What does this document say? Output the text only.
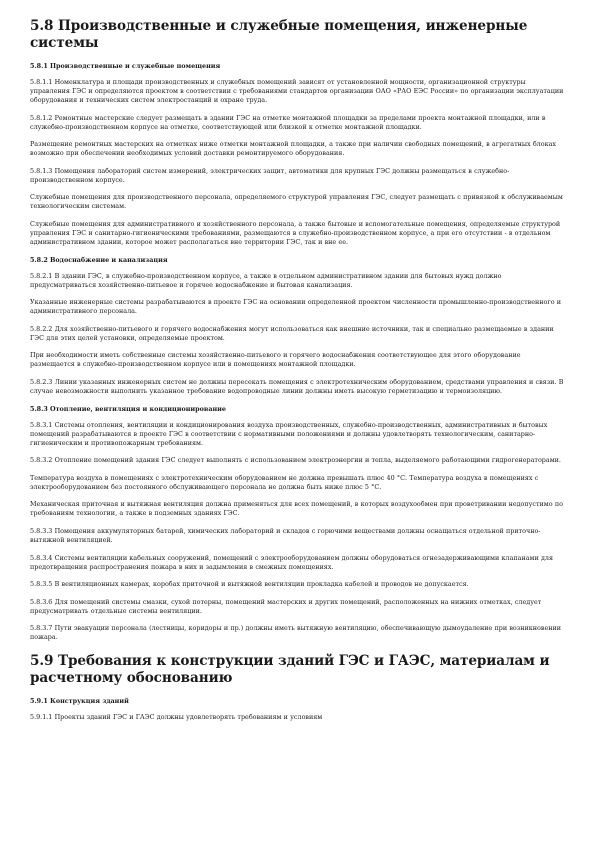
5.8 Производственные и служебные помещения, инженерные системы
5.8.1 Производственные и служебные помещения

5.8.1.1 Номенклатура и площади производственных и служебных помещений зависят от установленной мощности, организационной структуры управления ГЭС и определяются проектом в соответствии с требованиями стандартов организации ОАО «РАО ЕЭС России» по организации эксплуатации оборудования и технических систем электростанций и охране труда.

5.8.1.2 Ремонтные мастерские следует размещать в здании ГЭС на отметке монтажной площадки за пределами проекта монтажной площадки, или в служебно-производственном корпусе на отметке, соответствующей или близкой к отметке монтажной площадки.

Размещение ремонтных мастерских на отметках ниже отметки монтажной площадки, а также при наличии свободных помещений, в агрегатных блоках возможно при обеспечении необходимых условий доставки ремонтируемого оборудования.

5.8.1.3 Помещения лабораторий систем измерений, электрических защит, автоматики для крупных ГЭС должны размещаться в служебно-производственном корпусе.

Служебные помещения для производственного персонала, определяемого структурой управления ГЭС, следует размещать с привязкой к обслуживаемым технологическим системам.

Служебные помещения для административного и хозяйственного персонала, а также бытовые и вспомогательные помещения, определяемые структурой управления ГЭС и санитарно-гигиеническими требованиями, размещаются в служебно-производственном корпусе, а при его отсутствии - в отдельном административном здании, которое может располагаться вне территории ГЭС, так и вне ее.

5.8.2 Водоснабжение и канализация

5.8.2.1 В здании ГЭС, в служебно-производственном корпусе, а также в отдельном административном здании для бытовых нужд должно предусматриваться хозяйственно-питьевое и горячее водоснабжение и бытовая канализация.

Указанные инженерные системы разрабатываются в проекте ГЭС на основании определенной проектом численности промышленно-производственного и административного персонала.

5.8.2.2 Для хозяйственно-питьевого и горячего водоснабжения могут использоваться как внешние источники, так и специально размещаемые в здании ГЭС для этих целей установки, определяемые проектом.

При необходимости иметь собственные системы хозяйственно-питьевого и горячего водоснабжения соответствующее для этого оборудование размещается в служебно-производственном корпусе или в помещениях монтажной площадки.

5.8.2.3 Линии указанных инженерных систем не должны пересекать помещения с электротехническим оборудованием, средствами управления и связи. В случае невозможности выполнить указанное требование водопроводные линии должны иметь высокую герметизацию и термоизоляцию.

5.8.3 Отопление, вентиляция и кондиционирование

5.8.3.1 Системы отопления, вентиляции и кондиционирования воздуха производственных, служебно-производственных, административных и бытовых помещений разрабатываются в проекте ГЭС в соответствии с нормативными положениями и должны удовлетворять технологическим, санитарно-гигиеническим и противопожарным требованиям.

5.8.3.2 Отопление помещений здания ГЭС следует выполнять с использованием электроэнергии и тепла, выделяемого работающими гидрогенераторами.

Температура воздуха в помещениях с электротехническим оборудованием не должна превышать плюс 40 °С. Температура воздуха в помещениях с электрооборудованием без постоянного обслуживающего персонала не должна быть ниже плюс 5 °С.

Механическая приточная и вытяжная вентиляция должна применяться для всех помещений, в которых воздухообмен при проветривании недопустимо по требованиям технологии, а также в подземных зданиях ГЭС.

5.8.3.3 Помещения аккумуляторных батарей, химических лабораторий и складов с горючими веществами должны оснащаться отдельной приточно-вытяжной вентиляцией.

5.8.3.4 Системы вентиляции кабельных сооружений, помещений с электрооборудованием должны оборудоваться огнезадерживающими клапанами для предотвращения распространения пожара в них и задымления в смежных помещениях.

5.8.3.5 В вентиляционных камерах, коробах приточной и вытяжной вентиляции прокладка кабелей и проводов не допускается.

5.8.3.6 Для помещений системы смазки, сухой потерны, помещений мастерских и других помещений, расположенных на нижних отметках, следует предусматривать отдельные системы вентиляции.

5.8.3.7 Пути эвакуации персонала (лестницы, коридоры и пр.) должны иметь вытяжную вентиляцию, обеспечивающую дымоудаление при возникновении пожара.

5.9 Требования к конструкции зданий ГЭС и ГАЭС, материалам и расчетному обоснованию
5.9.1 Конструкция зданий

5.9.1.1 Проекты зданий ГЭС и ГАЭС должны удовлетворять требованиям и условиям
